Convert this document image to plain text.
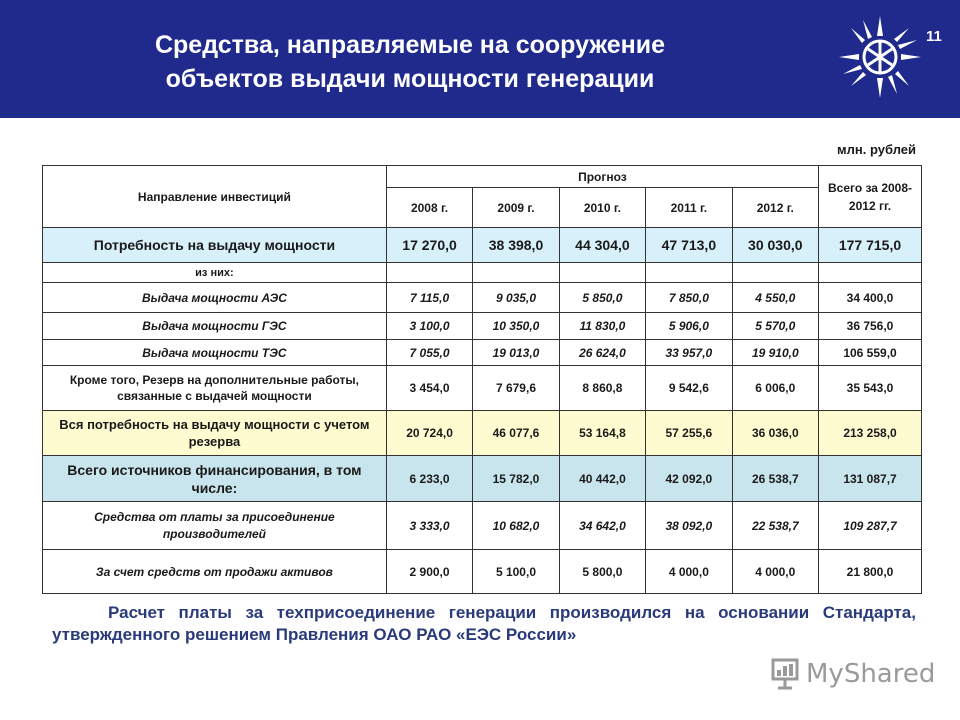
Средства, направляемые на сооружение
объектов выдачи мощности генерации
11
млн. рублей
Направление инвестиций	Прогноз					Всего за 2008-2012 гг.
	2008 г.	2009 г.	2010 г.	2011 г.	2012 г.	
Потребность на выдачу мощности	17 270,0	38 398,0	44 304,0	47 713,0	30 030,0	177 715,0
из них:						
Выдача мощности АЭС	7 115,0	9 035,0	5 850,0	7 850,0	4 550,0	34 400,0
Выдача мощности ГЭС	3 100,0	10 350,0	11 830,0	5 906,0	5 570,0	36 756,0
Выдача мощности ТЭС	7 055,0	19 013,0	26 624,0	33 957,0	19 910,0	106 559,0
Кроме того, Резерв на дополнительные работы, связанные с выдачей мощности	3 454,0	7 679,6	8 860,8	9 542,6	6 006,0	35 543,0
Вся потребность на выдачу мощности с учетом резерва	20 724,0	46 077,6	53 164,8	57 255,6	36 036,0	213 258,0
Всего источников финансирования, в том числе:	6 233,0	15 782,0	40 442,0	42 092,0	26 538,7	131 087,7
Средства от платы за присоединение производителей	3 333,0	10 682,0	34 642,0	38 092,0	22 538,7	109 287,7
За счет средств от продажи активов	2 900,0	5 100,0	5 800,0	4 000,0	4 000,0	21 800,0
Расчет платы за техприсоединение генерации производился на основании Стандарта, утвержденного решением Правления ОАО РАО «ЕЭС России»
MyShared
